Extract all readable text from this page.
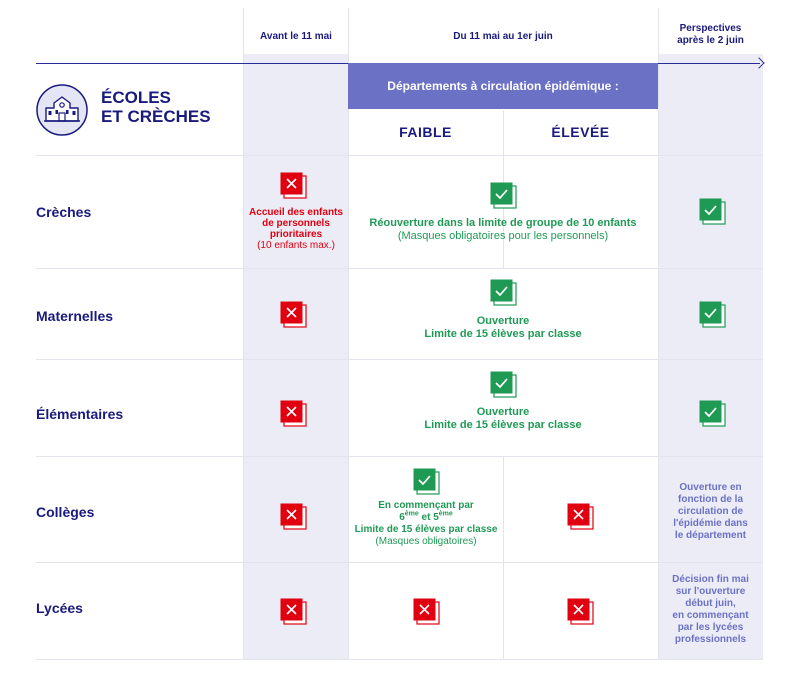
Avant le 11 mai	Du 11 mai au 1er juin
Perspectives
après le 2 juin
Départements à circulation épidémique :
FAIBLE	ÉLEVÉE
ÉCOLES
ET CRÈCHES
Crèches
Maternelles
Élémentaires
Collèges
Lycées
Accueil des enfants
de personnels
prioritaires
(10 enfants max.)
Réouverture dans la limite de groupe de 10 enfants
(Masques obligatoires pour les personnels)
Ouverture
Limite de 15 élèves par classe
Ouverture
Limite de 15 élèves par classe
En commençant par
6ème et 5ème
Limite de 15 élèves par classe
(Masques obligatoires)
Ouverture en
fonction de la
circulation de
l'épidémie dans
le département
Décision fin mai
sur l'ouverture
début juin,
en commençant
par les lycées
professionnels
